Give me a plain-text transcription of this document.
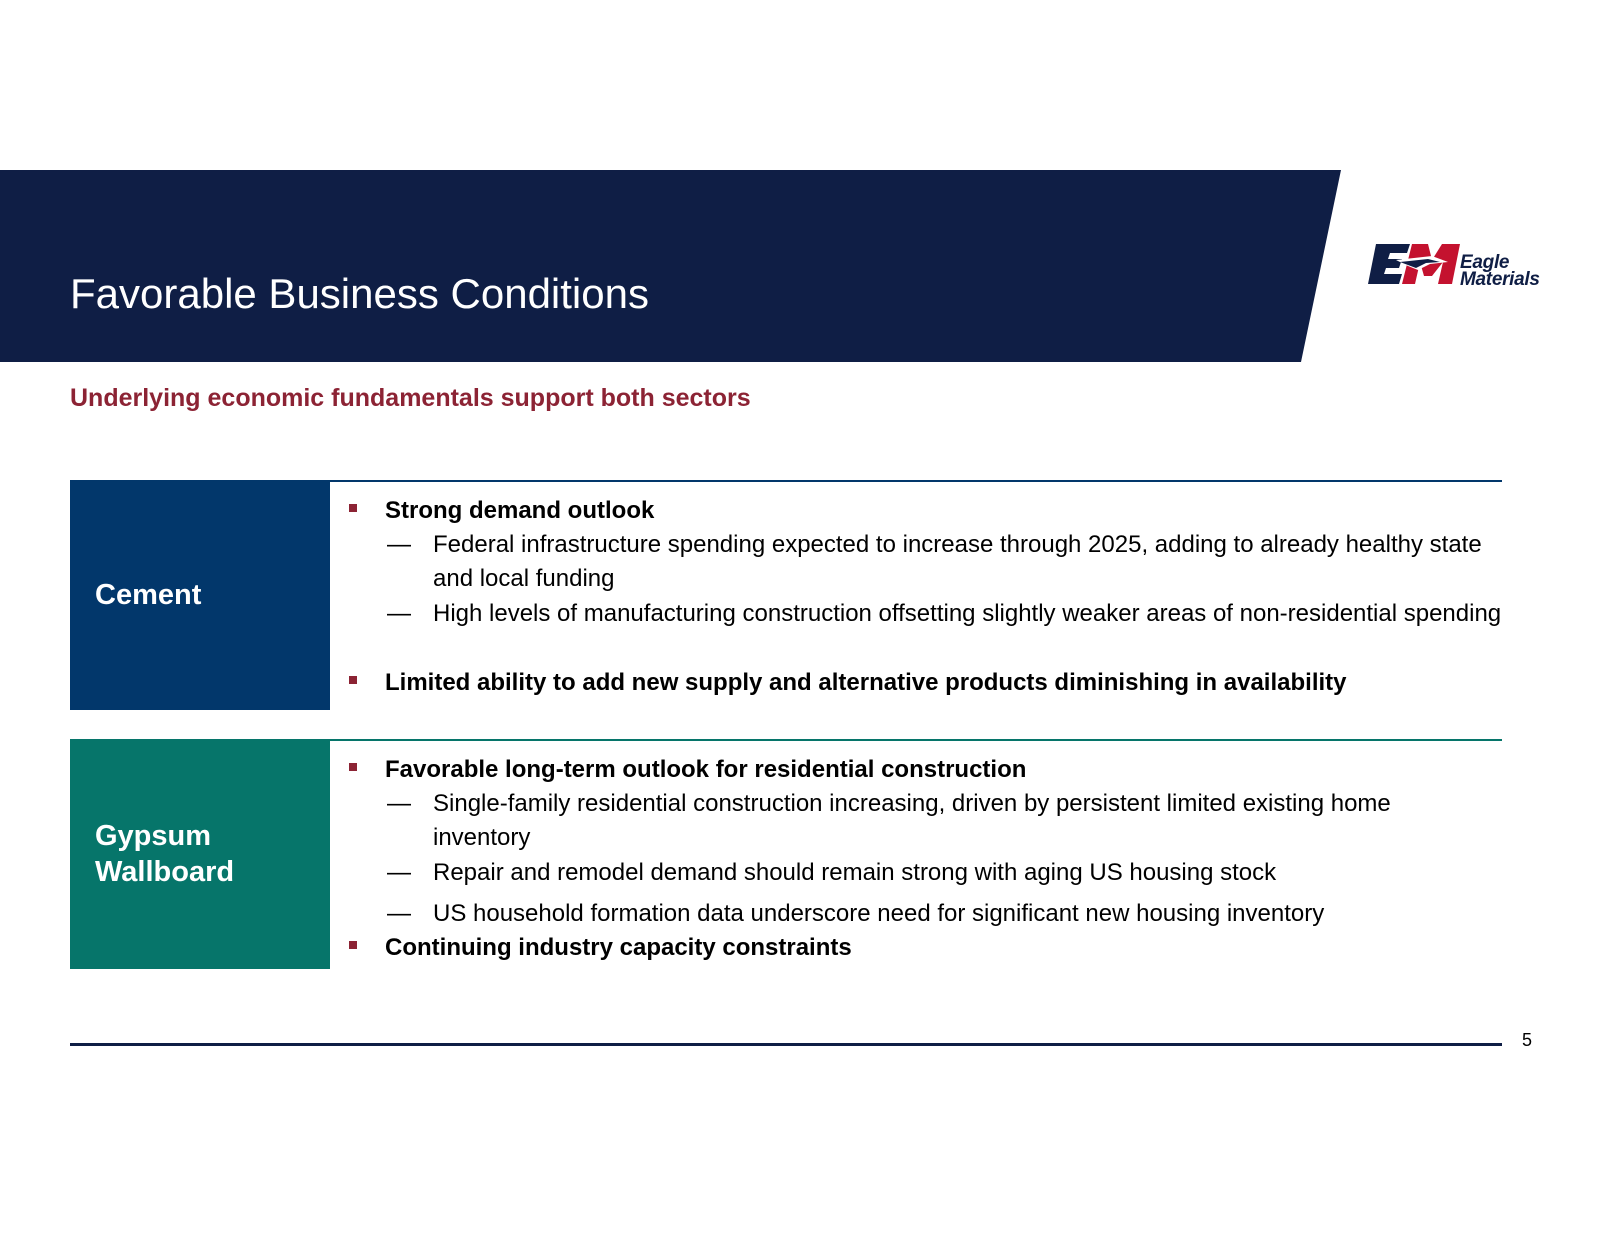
Favorable Business Conditions
Eagle
Materials
Underlying economic fundamentals support both sectors
Cement
Strong demand outlook
— Federal infrastructure spending expected to increase through 2025, adding to already healthy state and local funding
— High levels of manufacturing construction offsetting slightly weaker areas of non-residential spending
Limited ability to add new supply and alternative products diminishing in availability
Gypsum
Wallboard
Favorable long-term outlook for residential construction
— Single-family residential construction increasing, driven by persistent limited existing home inventory
— Repair and remodel demand should remain strong with aging US housing stock
— US household formation data underscore need for significant new housing inventory
Continuing industry capacity constraints
5
